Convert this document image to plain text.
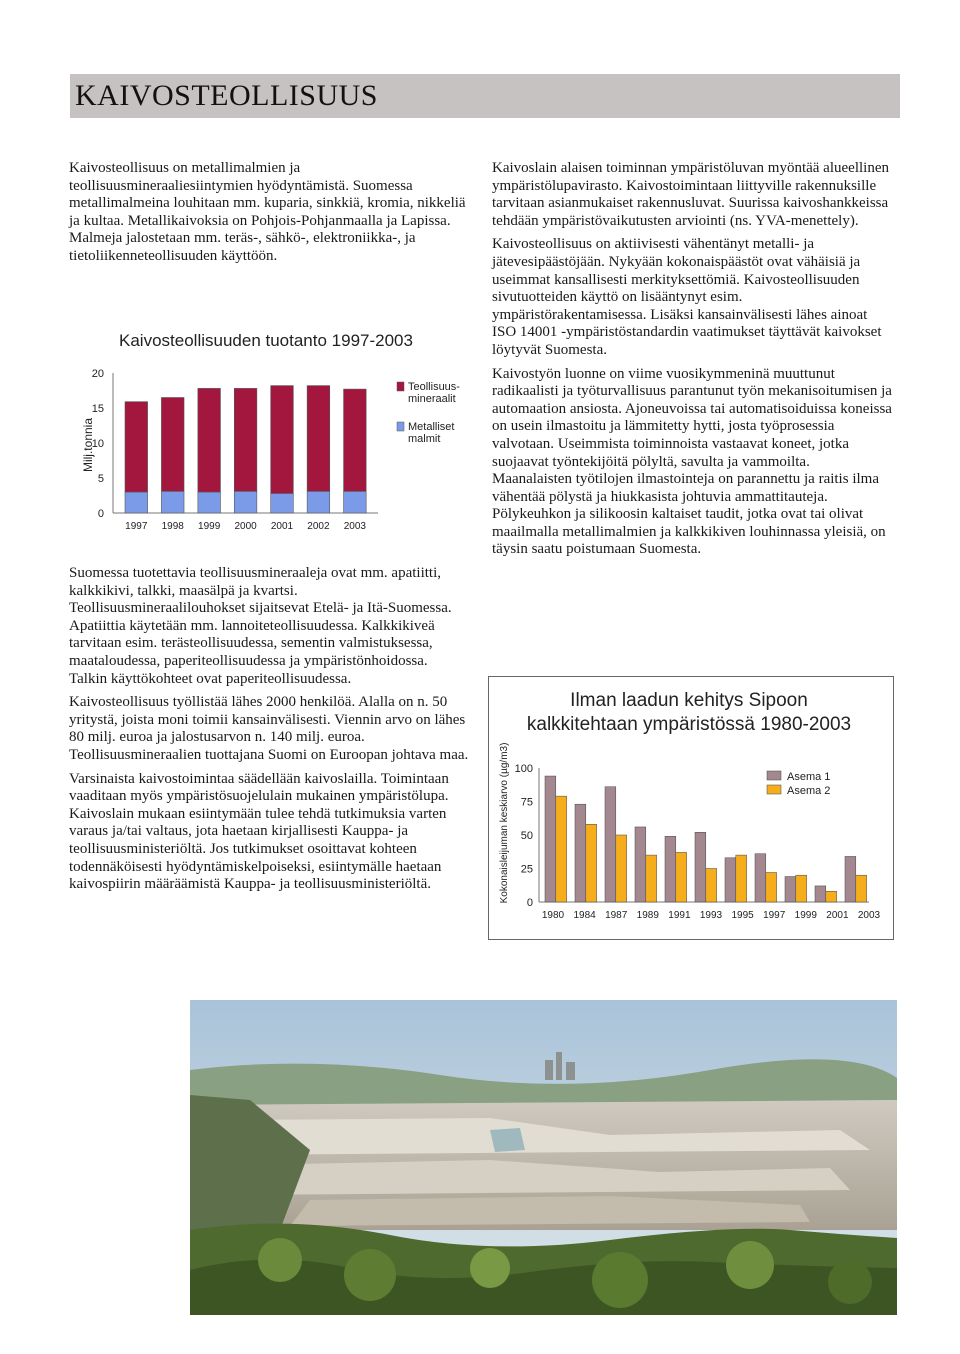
KAIVOSTEOLLISUUS

Kaivosteollisuus on metallimalmien ja teollisuusmineraaliesiintymien hyödyntämistä. Suomessa metallimalmeina louhitaan mm. kuparia, sinkkiä, kromia, nikkeliä ja kultaa. Metallikaivoksia on Pohjois-Pohjanmaalla ja Lapissa. Malmeja jalostetaan mm. teräs-, sähkö-, elektroniikka-, ja tietoliikenneteollisuuden käyttöön.

Kaivosteollisuuden tuotanto 1997-2003
Milj.tonnia
0
5
10
15
20
1997 1998 1999 2000 2001 2002 2003
Teollisuus-
mineraalit
Metalliset
malmit

Suomessa tuotettavia teollisuusmineraaleja ovat mm. apatiitti, kalkkikivi, talkki, maasälpä ja kvartsi. Teollisuusmineraalilouhokset sijaitsevat Etelä- ja Itä-Suomessa. Apatiittia käytetään mm. lannoiteteollisuudessa. Kalkkikiveä tarvitaan esim. terästeollisuudessa, sementin valmistuksessa, maataloudessa, paperiteollisuudessa ja ympäristönhoidossa. Talkin käyttökohteet ovat paperiteollisuudessa.

Kaivosteollisuus työllistää lähes 2000 henkilöä. Alalla on n. 50 yritystä, joista moni toimii kansainvälisesti. Viennin arvo on lähes 80 milj. euroa ja jalostusarvon n. 140 milj. euroa. Teollisuusmineraalien tuottajana Suomi on Euroopan johtava maa.

Varsinaista kaivostoimintaa säädellään kaivoslailla. Toimintaan vaaditaan myös ympäristösuojelulain mukainen ympäristölupa. Kaivoslain mukaan esiintymään tulee tehdä tutkimuksia varten varaus ja/tai valtaus, jota haetaan kirjallisesti Kauppa- ja teollisuusministeriöltä. Jos tutkimukset osoittavat kohteen todennäköisesti hyödyntämiskelpoiseksi, esiintymälle haetaan kaivospiirin määräämistä Kauppa- ja teollisuusministeriöltä.

Kaivoslain alaisen toiminnan ympäristöluvan myöntää alueellinen ympäristölupavirasto. Kaivostoimintaan liittyville rakennuksille tarvitaan asianmukaiset rakennusluvat. Suurissa kaivoshankkeissa tehdään ympäristövaikutusten arviointi (ns. YVA-menettely).

Kaivosteollisuus on aktiivisesti vähentänyt metalli- ja jätevesipäästöjään. Nykyään kokonaispäästöt ovat vähäisiä ja useimmat kansallisesti merkityksettömiä. Kaivosteollisuuden sivutuotteiden käyttö on lisääntynyt esim. ympäristörakentamisessa. Lisäksi kansainvälisesti lähes ainoat ISO 14001 -ympäristöstandardin vaatimukset täyttävät kaivokset löytyvät Suomesta.

Kaivostyön luonne on viime vuosikymmeninä muuttunut radikaalisti ja työturvallisuus parantunut työn mekanisoitumisen ja automaation ansiosta. Ajoneuvoissa tai automatisoiduissa koneissa on usein ilmastoitu ja lämmitetty hytti, josta työprosessia valvotaan. Useimmista toiminnoista vastaavat koneet, jotka suojaavat työntekijöitä pölyltä, savulta ja vammoilta. Maanalaisten työtilojen ilmastointeja on parannettu ja raitis ilma vähentää pölystä ja hiukkasista johtuvia ammattitauteja. Pölykeuhkon ja silikoosin kaltaiset taudit, jotka ovat tai olivat maailmalla metallimalmien ja kalkkikiven louhinnassa yleisiä, on täysin saatu poistumaan Suomesta.

Ilman laadun kehitys Sipoon
kalkkitehtaan ympäristössä 1980-2003
Kokonaisleijuman keskiarvo (µg/m3) 0
25
50
75
100
1980 1984 1987 1989 1991 1993 1995 1997 1999 2001 2003
Asema 1
Asema 2
